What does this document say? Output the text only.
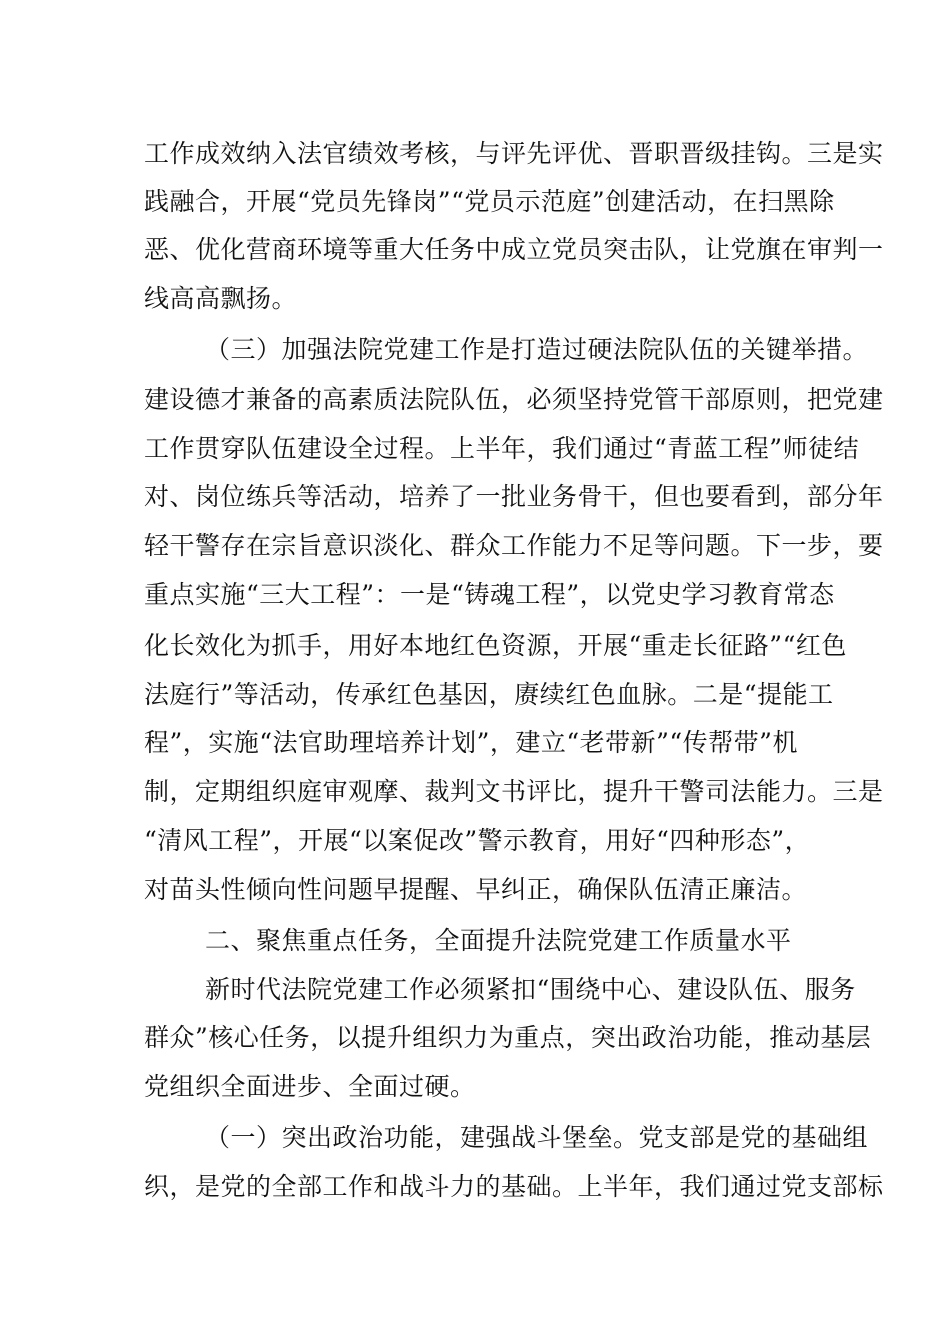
工作成效纳入法官绩效考核，与评先评优、晋职晋级挂钩。三是实
践融合，开展“党员先锋岗”“党员示范庭”创建活动，在扫黑除
恶、优化营商环境等重大任务中成立党员突击队，让党旗在审判一
线高高飘扬。
（三）加强法院党建工作是打造过硬法院队伍的关键举措。
建设德才兼备的高素质法院队伍，必须坚持党管干部原则，把党建
工作贯穿队伍建设全过程。上半年，我们通过“青蓝工程”师徒结
对、岗位练兵等活动，培养了一批业务骨干，但也要看到，部分年
轻干警存在宗旨意识淡化、群众工作能力不足等问题。下一步，要
重点实施“三大工程”：一是“铸魂工程”，以党史学习教育常态
化长效化为抓手，用好本地红色资源，开展“重走长征路”“红色
法庭行”等活动，传承红色基因，赓续红色血脉。二是“提能工
程”，实施“法官助理培养计划”，建立“老带新”“传帮带”机
制，定期组织庭审观摩、裁判文书评比，提升干警司法能力。三是
“清风工程”，开展“以案促改”警示教育，用好“四种形态”，
对苗头性倾向性问题早提醒、早纠正，确保队伍清正廉洁。
二、聚焦重点任务，全面提升法院党建工作质量水平
新时代法院党建工作必须紧扣“围绕中心、建设队伍、服务
群众”核心任务，以提升组织力为重点，突出政治功能，推动基层
党组织全面进步、全面过硬。
（一）突出政治功能，建强战斗堡垒。党支部是党的基础组
织，是党的全部工作和战斗力的基础。上半年，我们通过党支部标
